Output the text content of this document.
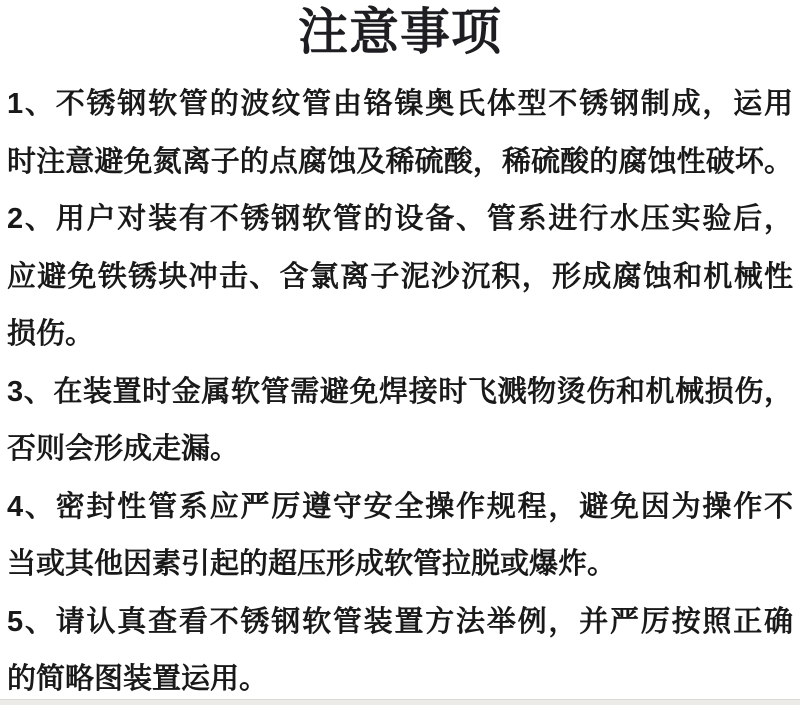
注意事项

1、不锈钢软管的波纹管由铬镍奥氏体型不锈钢制成，运用
时注意避免氮离子的点腐蚀及稀硫酸，稀硫酸的腐蚀性破坏。

2、用户对装有不锈钢软管的设备、管系进行水压实验后，
应避免铁锈块冲击、含氯离子泥沙沉积，形成腐蚀和机械性
损伤。

3、在装置时金属软管需避免焊接时飞溅物烫伤和机械损伤，
否则会形成走漏。

4、密封性管系应严厉遵守安全操作规程，避免因为操作不
当或其他因素引起的超压形成软管拉脱或爆炸。

5、请认真查看不锈钢软管装置方法举例，并严厉按照正确
的简略图装置运用。
